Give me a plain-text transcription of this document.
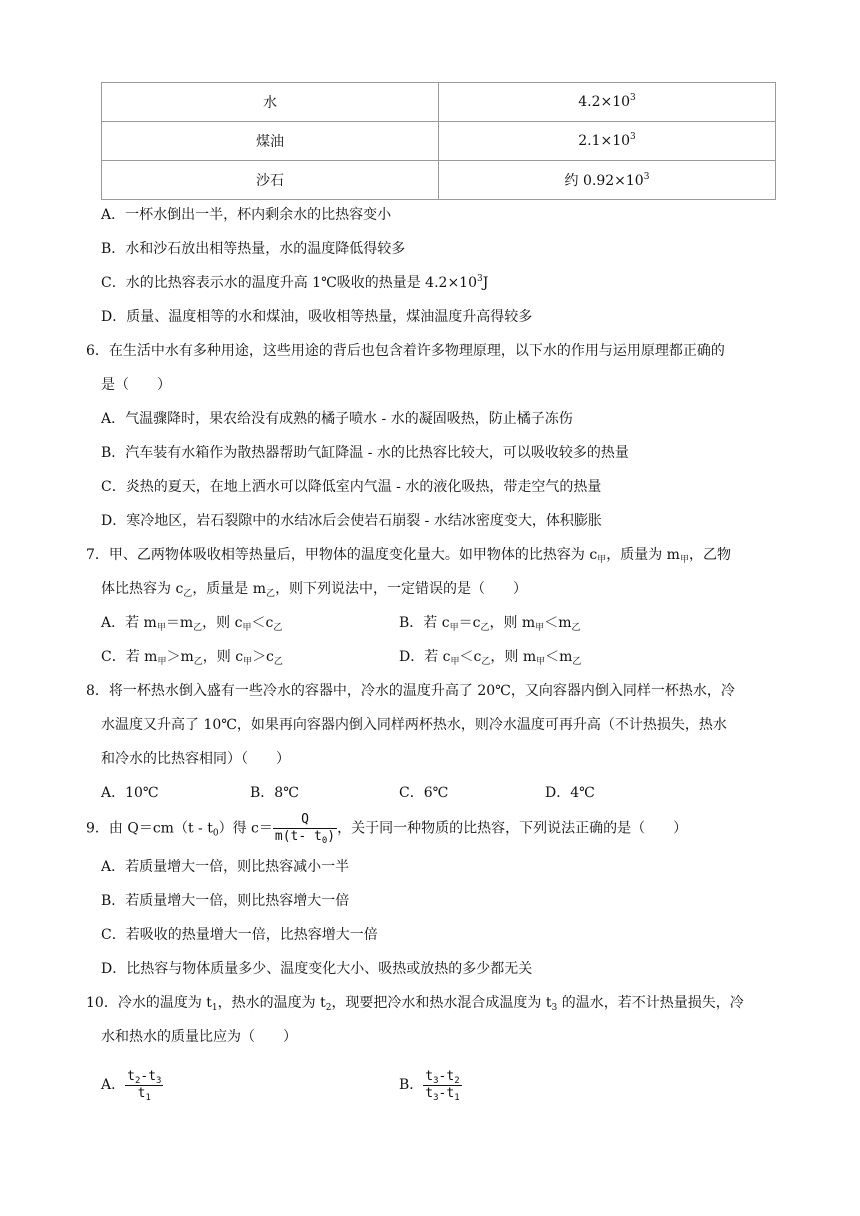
水	$4.2\times 10^3$
煤油	$2.1\times 10^3$
沙石	约 $0.92\times 10^3$
A．一杯水倒出一半，杯内剩余水的比热容变小
B．水和沙石放出相等热量，水的温度降低得较多
C．水的比热容表示水的温度升高 1℃吸收的热量是 $4.2\times 10^3J$
D．质量、温度相等的水和煤油，吸收相等热量，煤油温度升高得较多
6．在生活中水有多种用途，这些用途的背后也包含着许多物理原理，以下水的作用与运用原理都正确的
是（　　）
A．气温骤降时，果农给没有成熟的橘子喷水 - 水的凝固吸热，防止橘子冻伤
B．汽车装有水箱作为散热器帮助气缸降温 - 水的比热容比较大，可以吸收较多的热量
C．炎热的夏天，在地上洒水可以降低室内气温 - 水的液化吸热，带走空气的热量
D．寒冷地区，岩石裂隙中的水结冰后会使岩石崩裂 - 水结冰密度变大，体积膨胀
7．甲、乙两物体吸收相等热量后，甲物体的温度变化量大。如甲物体的比热容为 $c_甲$，质量为 $m_甲$，乙物
体比热容为 $c_乙$，质量是 $m_乙$，则下列说法中，一定错误的是（　　）
A．若 $m_甲=m_乙$，则 $c_甲<c_乙$	B．若 $c_甲=c_乙$，则 $m_甲<m_乙$
C．若 $m_甲>m_乙$，则 $c_甲>c_乙$	D．若 $c_甲<c_乙$，则 $m_甲<m_乙$
8．将一杯热水倒入盛有一些冷水的容器中，冷水的温度升高了 20℃，又向容器内倒入同样一杯热水，冷
水温度又升高了 10℃，如果再向容器内倒入同样两杯热水，则冷水温度可再升高（不计热损失，热水
和冷水的比热容相同）（　　）
A．10℃	B．8℃	C．6℃	D．4℃
9．由 $Q=cm(t - t_0)$得 $c= \frac{Q}{m(t- t_0)}$ ，关于同一种物质的比热容，下列说法正确的是（　　）
A．若质量增大一倍，则比热容减小一半
B．若质量增大一倍，则比热容增大一倍
C．若吸收的热量增大一倍，比热容增大一倍
D．比热容与物体质量多少、温度变化大小、吸热或放热的多少都无关
10．冷水的温度为 $t_1$，热水的温度为 $t_2$，现要把冷水和热水混合成温度为 $t_3$ 的温水，若不计热量损失，冷
水和热水的质量比应为（　　）
A． $\frac{t_2-t_3}{t_1}$	B． $\frac{t_3-t_2}{t_3-t_1}$
